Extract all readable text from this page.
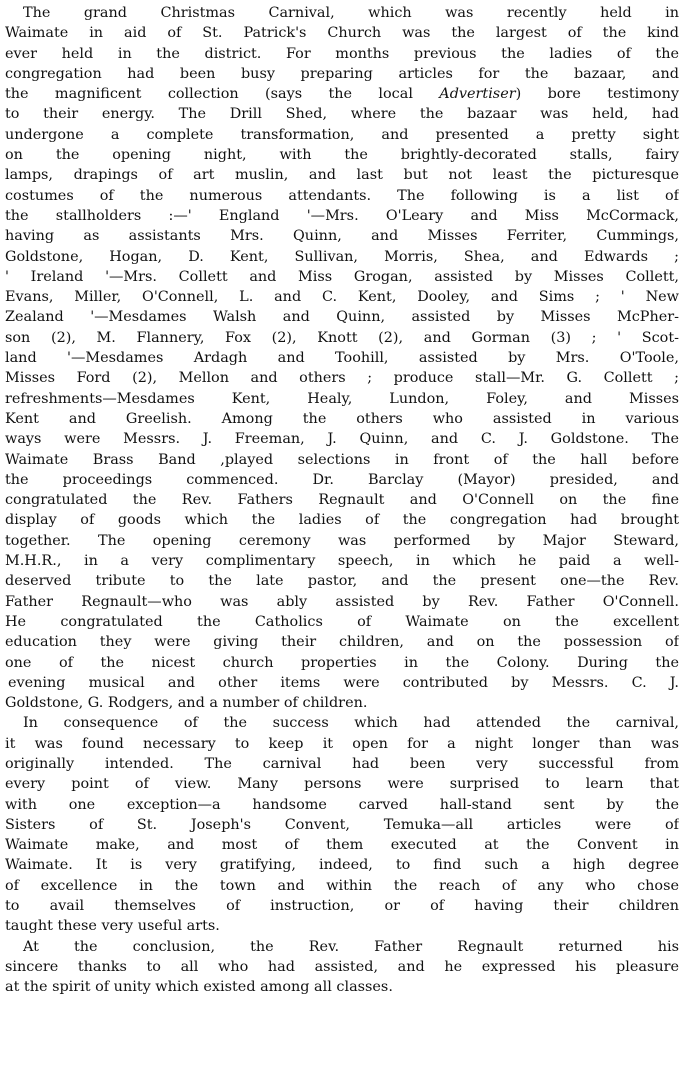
The grand Christmas Carnival, which was recently held in
Waimate in aid of St. Patrick's Church was the largest of the kind
ever held in the district. For months previous the ladies of the
congregation had been busy preparing articles for the bazaar, and
the magnificent collection (says the local Advertiser) bore testimony
to their energy. The Drill Shed, where the bazaar was held, had
undergone a complete transformation, and presented a pretty sight
on the opening night, with the brightly-decorated stalls, fairy
lamps, drapings of art muslin, and last but not least the picturesque
costumes of the numerous attendants. The following is a list of
the stallholders :—' England '—Mrs. O'Leary and Miss McCormack,
having as assistants Mrs. Quinn, and Misses Ferriter, Cummings,
Goldstone, Hogan, D. Kent, Sullivan, Morris, Shea, and Edwards ;
' Ireland '—Mrs. Collett and Miss Grogan, assisted by Misses Collett,
Evans, Miller, O'Connell, L. and C. Kent, Dooley, and Sims ; ' New
Zealand '—Mesdames Walsh and Quinn, assisted by Misses McPher-
son (2), M. Flannery, Fox (2), Knott (2), and Gorman (3) ; ' Scot-
land '—Mesdames Ardagh and Toohill, assisted by Mrs. O'Toole,
Misses Ford (2), Mellon and others ; produce stall—Mr. G. Collett ;
refreshments—Mesdames Kent, Healy, Lundon, Foley, and Misses
Kent and Greelish. Among the others who assisted in various
ways were Messrs. J. Freeman, J. Quinn, and C. J. Goldstone. The
Waimate Brass Band ,played selections in front of the hall before
the proceedings commenced. Dr. Barclay (Mayor) presided, and
congratulated the Rev. Fathers Regnault and O'Connell on the fine
display of goods which the ladies of the congregation had brought
together. The opening ceremony was performed by Major Steward,
M.H.R., in a very complimentary speech, in which he paid a well-
deserved tribute to the late pastor, and the present one—the Rev.
Father Regnault—who was ably assisted by Rev. Father O'Connell.
He congratulated the Catholics of Waimate on the excellent
education they were giving their children, and on the possession of
one of the nicest church properties in the Colony. During the
evening musical and other items were contributed by Messrs. C. J.
Goldstone, G. Rodgers, and a number of children.
In consequence of the success which had attended the carnival,
it was found necessary to keep it open for a night longer than was
originally intended. The carnival had been very successful from
every point of view. Many persons were surprised to learn that
with one exception—a handsome carved hall-stand sent by the
Sisters of St. Joseph's Convent, Temuka—all articles were of
Waimate make, and most of them executed at the Convent in
Waimate. It is very gratifying, indeed, to find such a high degree
of excellence in the town and within the reach of any who chose
to avail themselves of instruction, or of having their children
taught these very useful arts.
At the conclusion, the Rev. Father Regnault returned his
sincere thanks to all who had assisted, and he expressed his pleasure
at the spirit of unity which existed among all classes.
